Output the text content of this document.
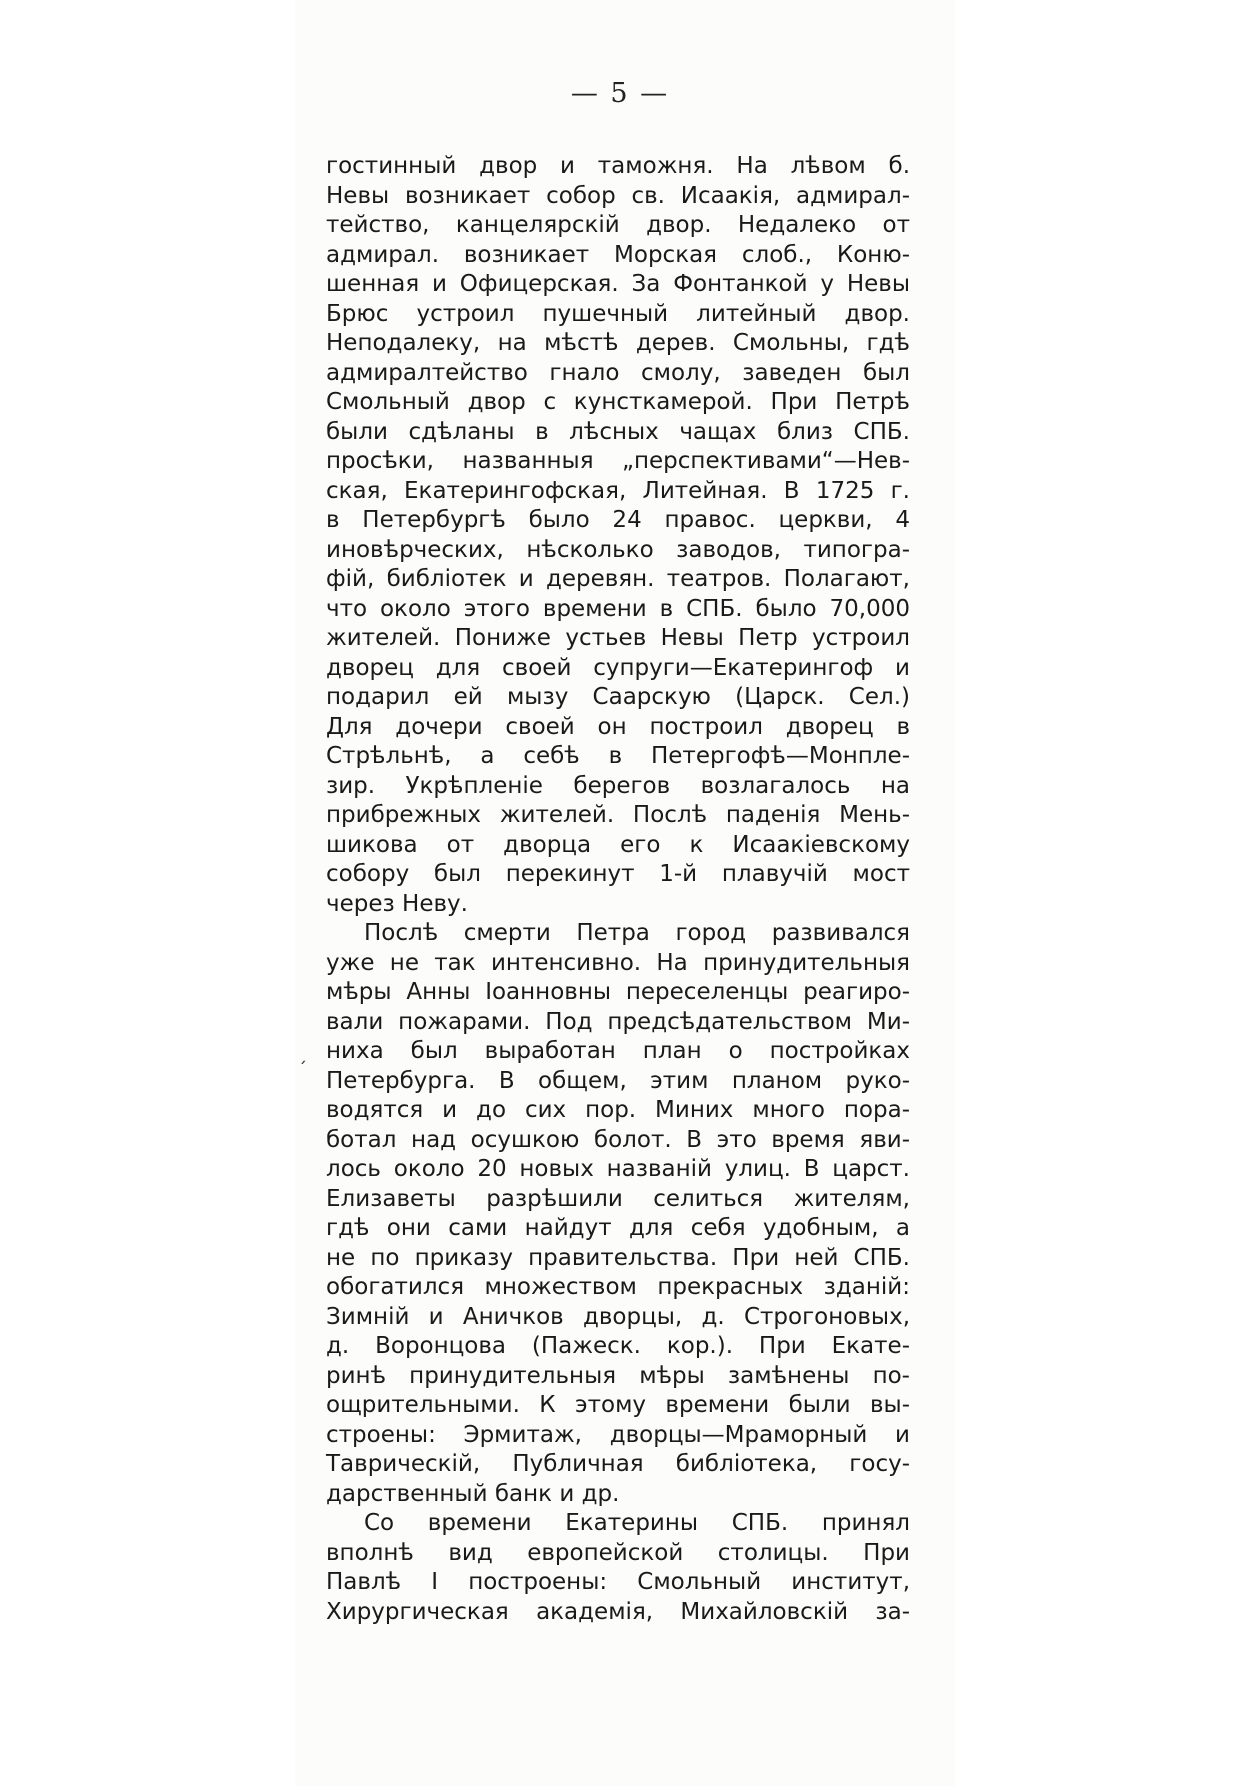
— 5 —
ˏ
гостинный двор и таможня. На лѣвом б.
Невы возникает собор св. Исаакія, адмирал-
тейство, канцелярскій двор. Недалеко от
адмирал. возникает Морская слоб., Коню-
шенная и Офицерская. За Фонтанкой у Невы
Брюс устроил пушечный литейный двор.
Неподалеку, на мѣстѣ дерев. Смольны, гдѣ
адмиралтейство гнало смолу, заведен был
Смольный двор с кунсткамерой. При Петрѣ
были сдѣланы в лѣсных чащах близ СПБ.
просѣки, названныя „перспективами“—Нев-
ская, Екатерингофская, Литейная. В 1725 г.
в Петербургѣ было 24 правос. церкви, 4
иновѣрческих, нѣсколько заводов, типогра-
фій, библіотек и деревян. театров. Полагают,
что около этого времени в СПБ. было 70,000
жителей. Пониже устьев Невы Петр устроил
дворец для своей супруги—Екатерингоф и
подарил ей мызу Саарскую (Царск. Сел.)
Для дочери своей он построил дворец в
Стрѣльнѣ, а себѣ в Петергофѣ—Монпле-
зир. Укрѣпленіе берегов возлагалось на
прибрежных жителей. Послѣ паденія Мень-
шикова от дворца его к Исаакіевскому
собору был перекинут 1-й плавучій мост
через Неву.
Послѣ смерти Петра город развивался
уже не так интенсивно. На принудительныя
мѣры Анны Іоанновны переселенцы реагиро-
вали пожарами. Под предсѣдательством Ми-
ниха был выработан план о постройках
Петербурга. В общем, этим планом руко-
водятся и до сих пор. Миних много пора-
ботал над осушкою болот. В это время яви-
лось около 20 новых названій улиц. В царст.
Елизаветы разрѣшили селиться жителям,
гдѣ они сами найдут для себя удобным, а
не по приказу правительства. При ней СПБ.
обогатился множеством прекрасных зданій:
Зимній и Аничков дворцы, д. Строгоновых,
д. Воронцова (Пажеск. кор.). При Екате-
ринѣ принудительныя мѣры замѣнены по-
ощрительными. К этому времени были вы-
строены: Эрмитаж, дворцы—Мраморный и
Таврическій, Публичная библіотека, госу-
дарственный банк и др.
Со времени Екатерины СПБ. принял
вполнѣ вид европейской столицы. При
Павлѣ I построены: Смольный институт,
Хирургическая академія, Михайловскій за-
